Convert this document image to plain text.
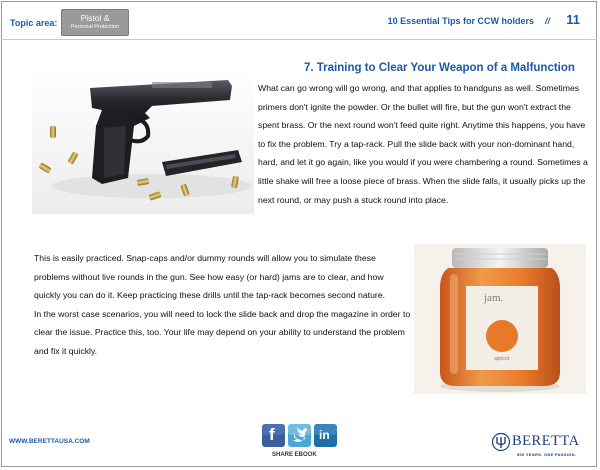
Topic area:	Pistol &
Personal Protection
10 Essential Tips for CCW holders // 11
7. Training to Clear Your Weapon of a Malfunction
What can go wrong will go wrong, and that applies to handguns as well. Sometimes primers don't ignite the powder. Or the bullet will fire, but the gun won't extract the spent brass. Or the next round won't feed quite right. Anytime this happens, you have to fix the problem. Try a tap-rack. Pull the slide back with your non-dominant hand, hard, and let it go again, like you would if you were chambering a round. Sometimes a little shake will free a loose piece of brass. When the slide falls, it usually picks up the next round, or may push a stuck round into place.

This is easily practiced. Snap-caps and/or dummy rounds will allow you to simulate these problems without live rounds in the gun. See how easy (or hard) jams are to clear, and how quickly you can do it. Keep practicing these drills until the tap-rack becomes second nature.

In the worst case scenarios, you will need to lock the slide back and drop the magazine in order to clear the issue. Practice this, too. Your life may depend on your ability to understand the problem and fix it quickly.

jam.
apricot
WWW.BERETTAUSA.COM	f	in
SHARE EBOOK
BERETTA
500 YEARS. ONE PASSION.
